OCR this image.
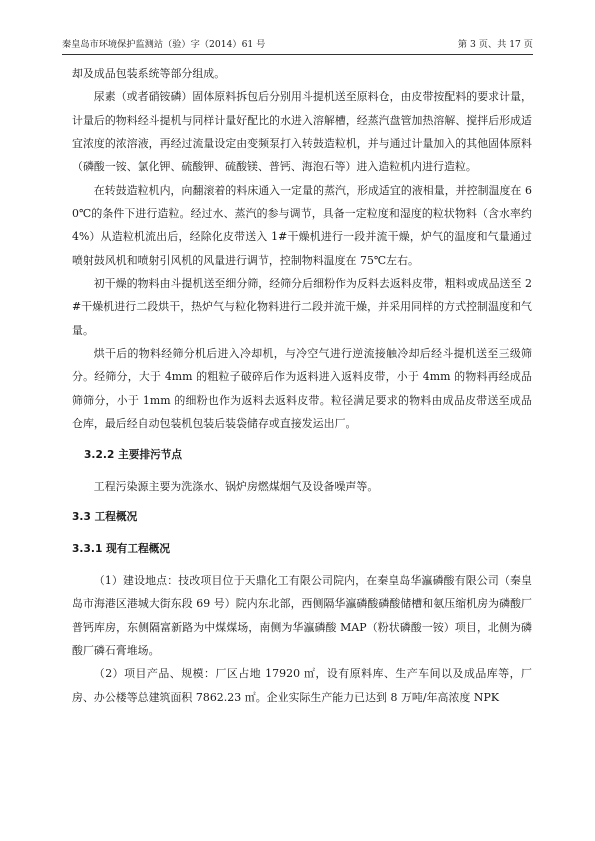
秦皇岛市环境保护监测站（验）字（2014）61 号	第 3 页、共 17 页

却及成品包装系统等部分组成。

尿素（或者硝铵磷）固体原料拆包后分别用斗提机送至原料仓，由皮带按配料的要求计量，计量后的物料经斗提机与同样计量好配比的水进入溶解槽，经蒸汽盘管加热溶解、搅拌后形成适宜浓度的浓溶液，再经过流量设定由变频泵打入转鼓造粒机，并与通过计量加入的其他固体原料（磷酸一铵、氯化钾、硫酸钾、硫酸镁、普钙、海泡石等）进入造粒机内进行造粒。

在转鼓造粒机内，向翻滚着的料床通入一定量的蒸汽，形成适宜的液相量，并控制温度在 60℃的条件下进行造粒。经过水、蒸汽的参与调节，具备一定粒度和湿度的粒状物料（含水率约 4%）从造粒机流出后，经除化皮带送入 1#干燥机进行一段并流干燥，炉气的温度和气量通过喷射鼓风机和喷射引风机的风量进行调节，控制物料温度在 75℃左右。

初干燥的物料由斗提机送至细分筛，经筛分后细粉作为反料去返料皮带，粗料或成品送至 2#干燥机进行二段烘干，热炉气与粒化物料进行二段并流干燥，并采用同样的方式控制温度和气量。

烘干后的物料经筛分机后进入冷却机，与冷空气进行逆流接触冷却后经斗提机送至三级筛分。经筛分，大于 4mm 的粗粒子破碎后作为返料进入返料皮带，小于 4mm 的物料再经成品筛筛分，小于 1mm 的细粉也作为返料去返料皮带。粒径满足要求的物料由成品皮带送至成品仓库，最后经自动包装机包装后装袋储存或直接发运出厂。

3.2.2 主要排污节点

工程污染源主要为洗涤水、锅炉房燃煤烟气及设备噪声等。

3.3 工程概况

3.3.1 现有工程概况

（1）建设地点：技改项目位于天鼎化工有限公司院内，在秦皇岛华瀛磷酸有限公司（秦皇岛市海港区港城大街东段 69 号）院内东北部，西侧隔华瀛磷酸磷酸储槽和氨压缩机房为磷酸厂普钙库房，东侧隔富新路为中煤煤场，南侧为华瀛磷酸 MAP（粉状磷酸一铵）项目，北侧为磷酸厂磷石膏堆场。

（2）项目产品、规模：厂区占地 17920 ㎡，设有原料库、生产车间以及成品库等，厂房、办公楼等总建筑面积 7862.23 ㎡。企业实际生产能力已达到 8 万吨/年高浓度 NPK
